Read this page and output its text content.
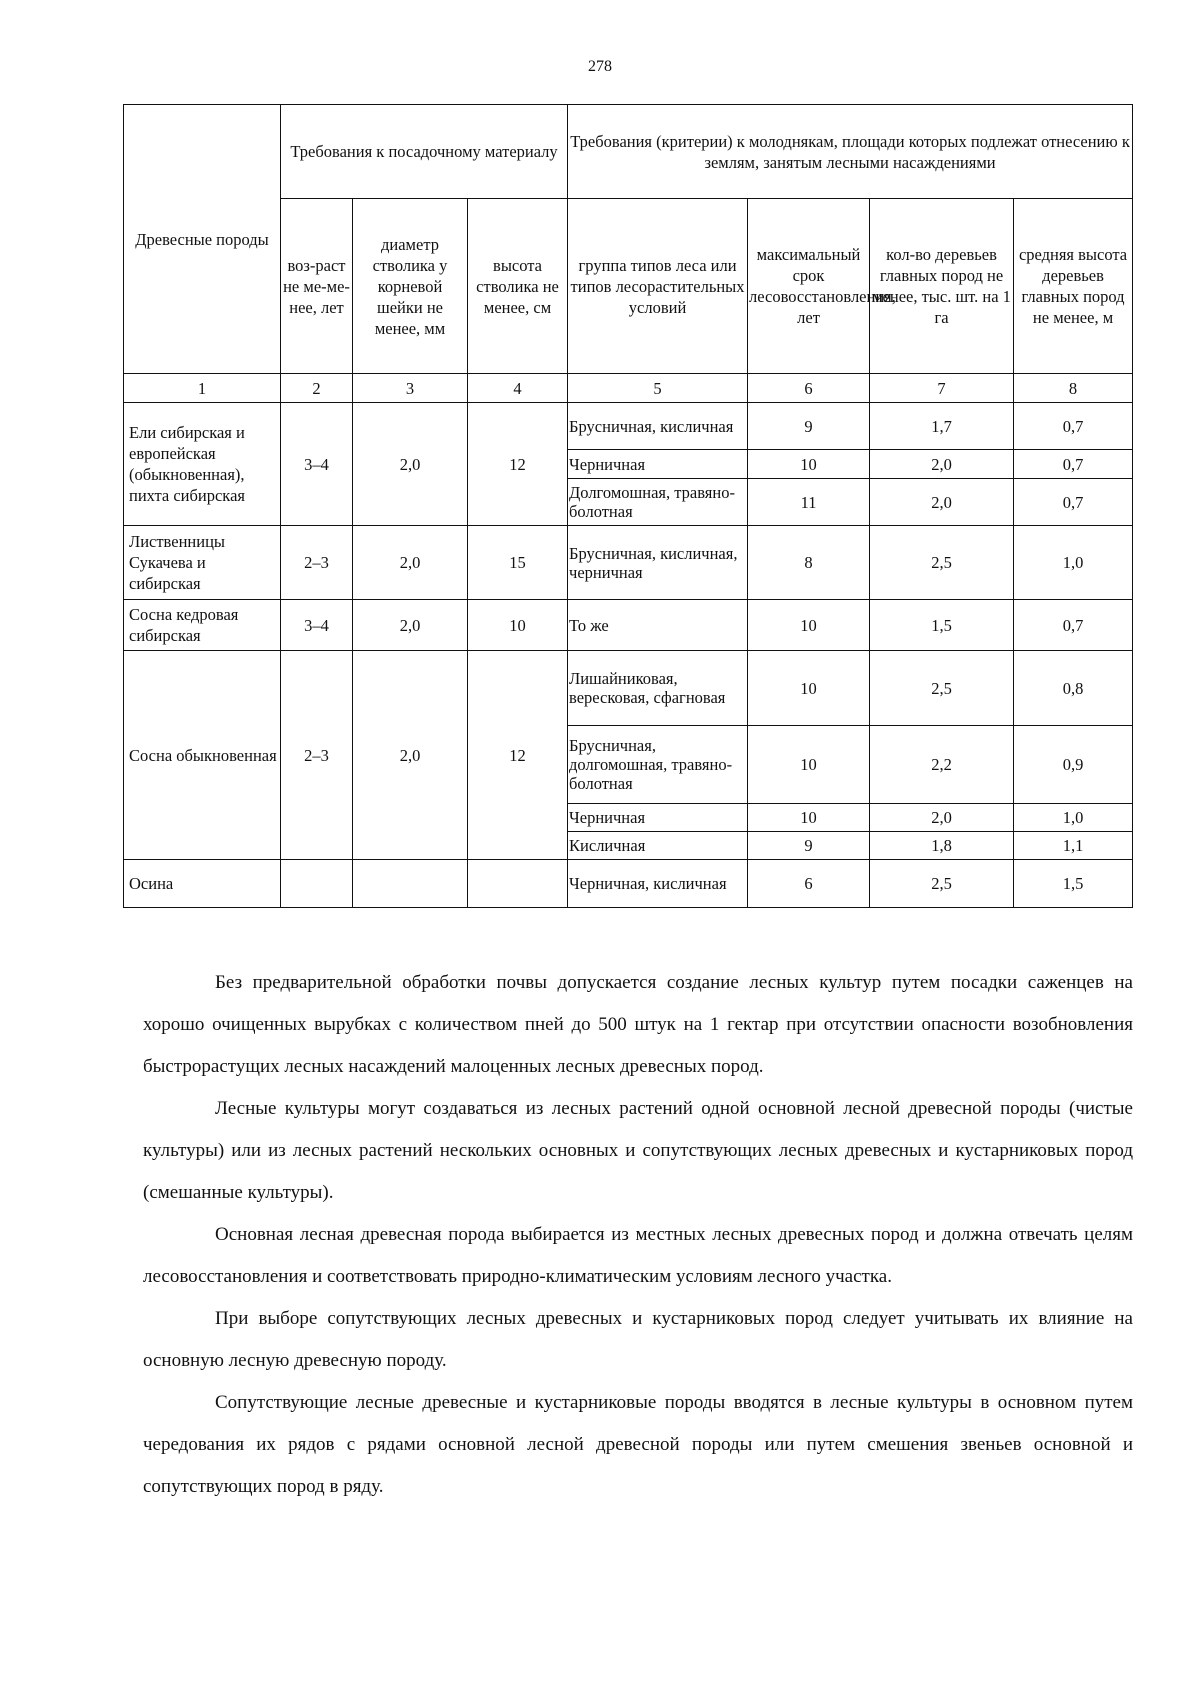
278
Древесные породы	Требования к посадочному материалу			Требования (критерии) к молоднякам, площади которых подлежат отнесению к землям, занятым лесными насаждениями			
	воз-раст не ме-ме-нее, лет	диаметр стволика у корневой шейки не менее, мм	высота стволика не менее, см	группа типов леса или типов лесорастительных условий	максимальный срок лесовосстановления, лет	кол-во деревьев главных пород не менее, тыс. шт. на 1 га	средняя высота деревьев главных пород не менее, м
1	2	3	4	5	6	7	8
Ели сибирская и европейская (обыкновенная), пихта сибирская	3–4	2,0	12	Брусничная, кисличная	9	1,7	0,7
				Черничная	10	2,0	0,7
				Долгомошная, травяно-болотная	11	2,0	0,7
Лиственницы Сукачева и сибирская	2–3	2,0	15	Брусничная, кисличная, черничная	8	2,5	1,0
Сосна кедровая сибирская	3–4	2,0	10	То же	10	1,5	0,7
Сосна обыкновенная	2–3	2,0	12	Лишайниковая, вересковая, сфагновая	10	2,5	0,8
				Брусничная, долгомошная, травяно-болотная	10	2,2	0,9
				Черничная	10	2,0	1,0
				Кисличная	9	1,8	1,1
Осина				Черничная, кисличная	6	2,5	1,5

Без предварительной обработки почвы допускается создание лесных культур путем посадки саженцев на хорошо очищенных вырубках с количеством пней до 500 штук на 1 гектар при отсутствии опасности возобновления быстрорастущих лесных насаждений малоценных лесных древесных пород.

Лесные культуры могут создаваться из лесных растений одной основной лесной древесной породы (чистые культуры) или из лесных растений нескольких основных и сопутствующих лесных древесных и кустарниковых пород (смешанные культуры).

Основная лесная древесная порода выбирается из местных лесных древесных пород и должна отвечать целям лесовосстановления и соответствовать природно-климатическим условиям лесного участка.

При выборе сопутствующих лесных древесных и кустарниковых пород следует учитывать их влияние на основную лесную древесную породу.

Сопутствующие лесные древесные и кустарниковые породы вводятся в лесные культуры в основном путем чередования их рядов с рядами основной лесной древесной породы или путем смешения звеньев основной и сопутствующих пород в ряду.
